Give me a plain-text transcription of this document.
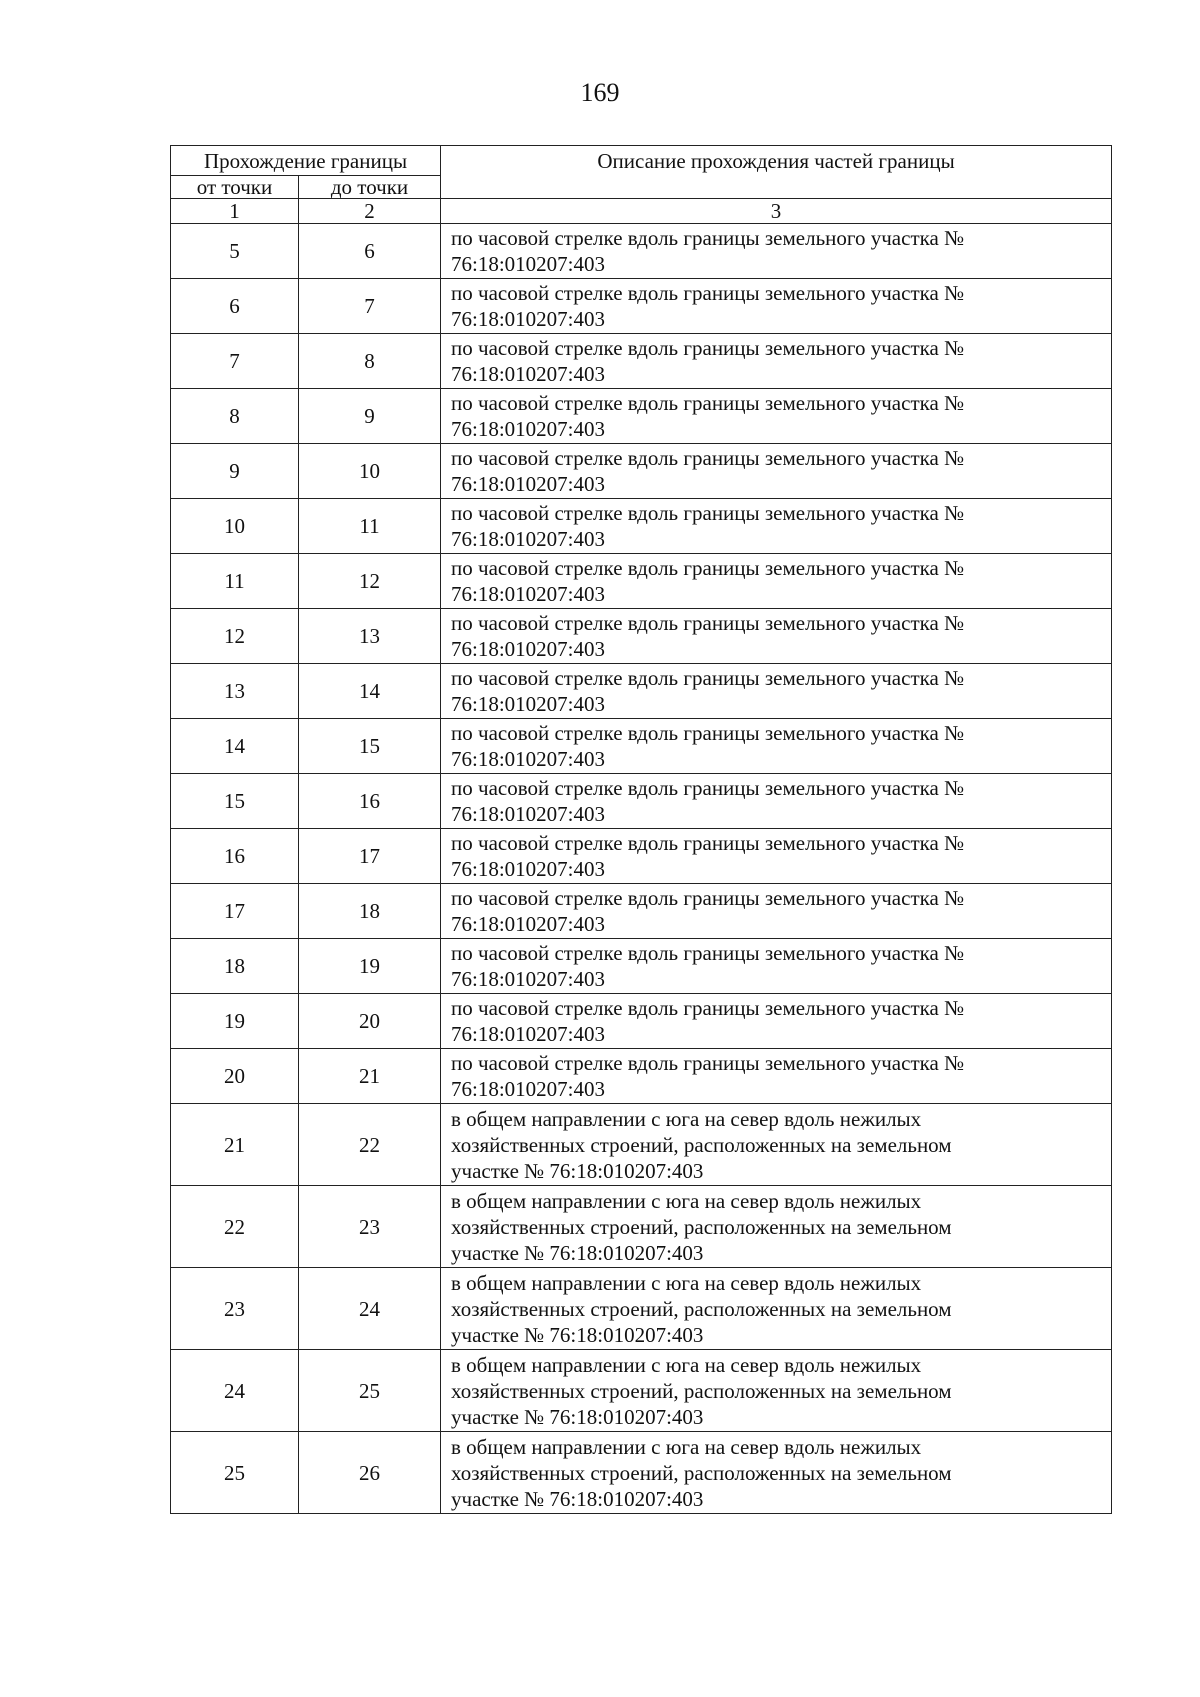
169
Прохождение границы		Описание прохождения частей границы
от точки	до точки	
1	2	3
5	6	по часовой стрелке вдоль границы земельного участка №
76:18:010207:403

6	7	по часовой стрелке вдоль границы земельного участка №
76:18:010207:403

7	8	по часовой стрелке вдоль границы земельного участка №
76:18:010207:403

8	9	по часовой стрелке вдоль границы земельного участка №
76:18:010207:403

9	10	по часовой стрелке вдоль границы земельного участка №
76:18:010207:403

10	11	по часовой стрелке вдоль границы земельного участка №
76:18:010207:403

11	12	по часовой стрелке вдоль границы земельного участка №
76:18:010207:403

12	13	по часовой стрелке вдоль границы земельного участка №
76:18:010207:403

13	14	по часовой стрелке вдоль границы земельного участка №
76:18:010207:403

14	15	по часовой стрелке вдоль границы земельного участка №
76:18:010207:403

15	16	по часовой стрелке вдоль границы земельного участка №
76:18:010207:403

16	17	по часовой стрелке вдоль границы земельного участка №
76:18:010207:403

17	18	по часовой стрелке вдоль границы земельного участка №
76:18:010207:403

18	19	по часовой стрелке вдоль границы земельного участка №
76:18:010207:403

19	20	по часовой стрелке вдоль границы земельного участка №
76:18:010207:403

20	21	по часовой стрелке вдоль границы земельного участка №
76:18:010207:403

21	22	в общем направлении с юга на север вдоль нежилых
хозяйственных строений, расположенных на земельном
участке № 76:18:010207:403

22	23	в общем направлении с юга на север вдоль нежилых
хозяйственных строений, расположенных на земельном
участке № 76:18:010207:403

23	24	в общем направлении с юга на север вдоль нежилых
хозяйственных строений, расположенных на земельном
участке № 76:18:010207:403

24	25	в общем направлении с юга на север вдоль нежилых
хозяйственных строений, расположенных на земельном
участке № 76:18:010207:403

25	26	в общем направлении с юга на север вдоль нежилых
хозяйственных строений, расположенных на земельном
участке № 76:18:010207:403
